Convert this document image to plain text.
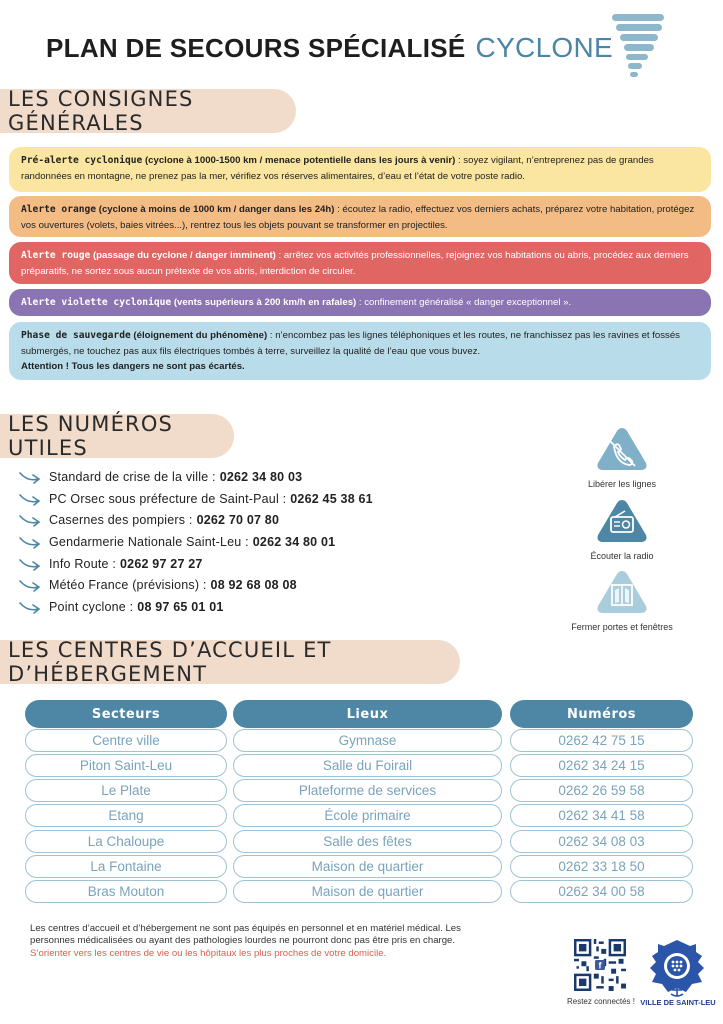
PLAN DE SECOURS SPÉCIALISÉ CYCLONE
LES CONSIGNES GÉNÉRALES
Pré-alerte cyclonique (cyclone à 1000-1500 km / menace potentielle dans les jours à venir) : soyez vigilant, n’entreprenez pas de grandes randonnées en montagne, ne prenez pas la mer, vérifiez vos réserves alimentaires, d’eau et l’état de votre poste radio.
Alerte orange (cyclone à moins de 1000 km / danger dans les 24h) : écoutez la radio, effectuez vos derniers achats, préparez votre habitation, protégez vos ouvertures (volets, baies vitrées...), rentrez tous les objets pouvant se transformer en projectiles.
Alerte rouge (passage du cyclone / danger imminent) : arrêtez vos activités professionnelles, rejoignez vos habitations ou abris, procédez aux derniers préparatifs, ne sortez sous aucun prétexte de vos abris, interdiction de circuler.
Alerte violette cyclonique (vents supérieurs à 200 km/h en rafales) : confinement généralisé « danger exceptionnel ».
Phase de sauvegarde (éloignement du phénomène) : n’encombez pas les lignes téléphoniques et les routes, ne franchissez pas les ravines et fossés submergés, ne touchez pas aux fils électriques tombés à terre, surveillez la qualité de l’eau que vous buvez.
Attention ! Tous les dangers ne sont pas écartés.
LES NUMÉROS UTILES
Standard de crise de la ville : 0262 34 80 03
PC Orsec sous préfecture de Saint-Paul : 0262 45 38 61
Casernes des pompiers : 0262 70 07 80
Gendarmerie Nationale Saint-Leu : 0262 34 80 01
Info Route : 0262 97 27 27
Météo France (prévisions) : 08 92 68 08 08
Point cyclone : 08 97 65 01 01
Libérer les lignes
Écouter la radio
Fermer portes et fenêtres
LES CENTRES D’ACCUEIL ET D’HÉBERGEMENT
Secteurs	Lieux	Numéros
Centre ville	Gymnase	0262 42 75 15
Piton Saint-Leu	Salle du Foirail	0262 34 24 15
Le Plate	Plateforme de services	0262 26 59 58
Etang	École primaire	0262 34 41 58
La Chaloupe	Salle des fêtes	0262 34 08 03
La Fontaine	Maison de quartier	0262 33 18 50
Bras Mouton	Maison de quartier	0262 34 00 58
Les centres d’accueil et d’hébergement ne sont pas équipés en personnel et en matériel médical. Les personnes médicalisées ou ayant des pathologies lourdes ne pourront donc pas être pris en charge.
S’orienter vers les centres de vie ou les hôpitaux les plus proches de votre domicile.
f
Restez connectés ! VILLE DE SAINT-LEU
